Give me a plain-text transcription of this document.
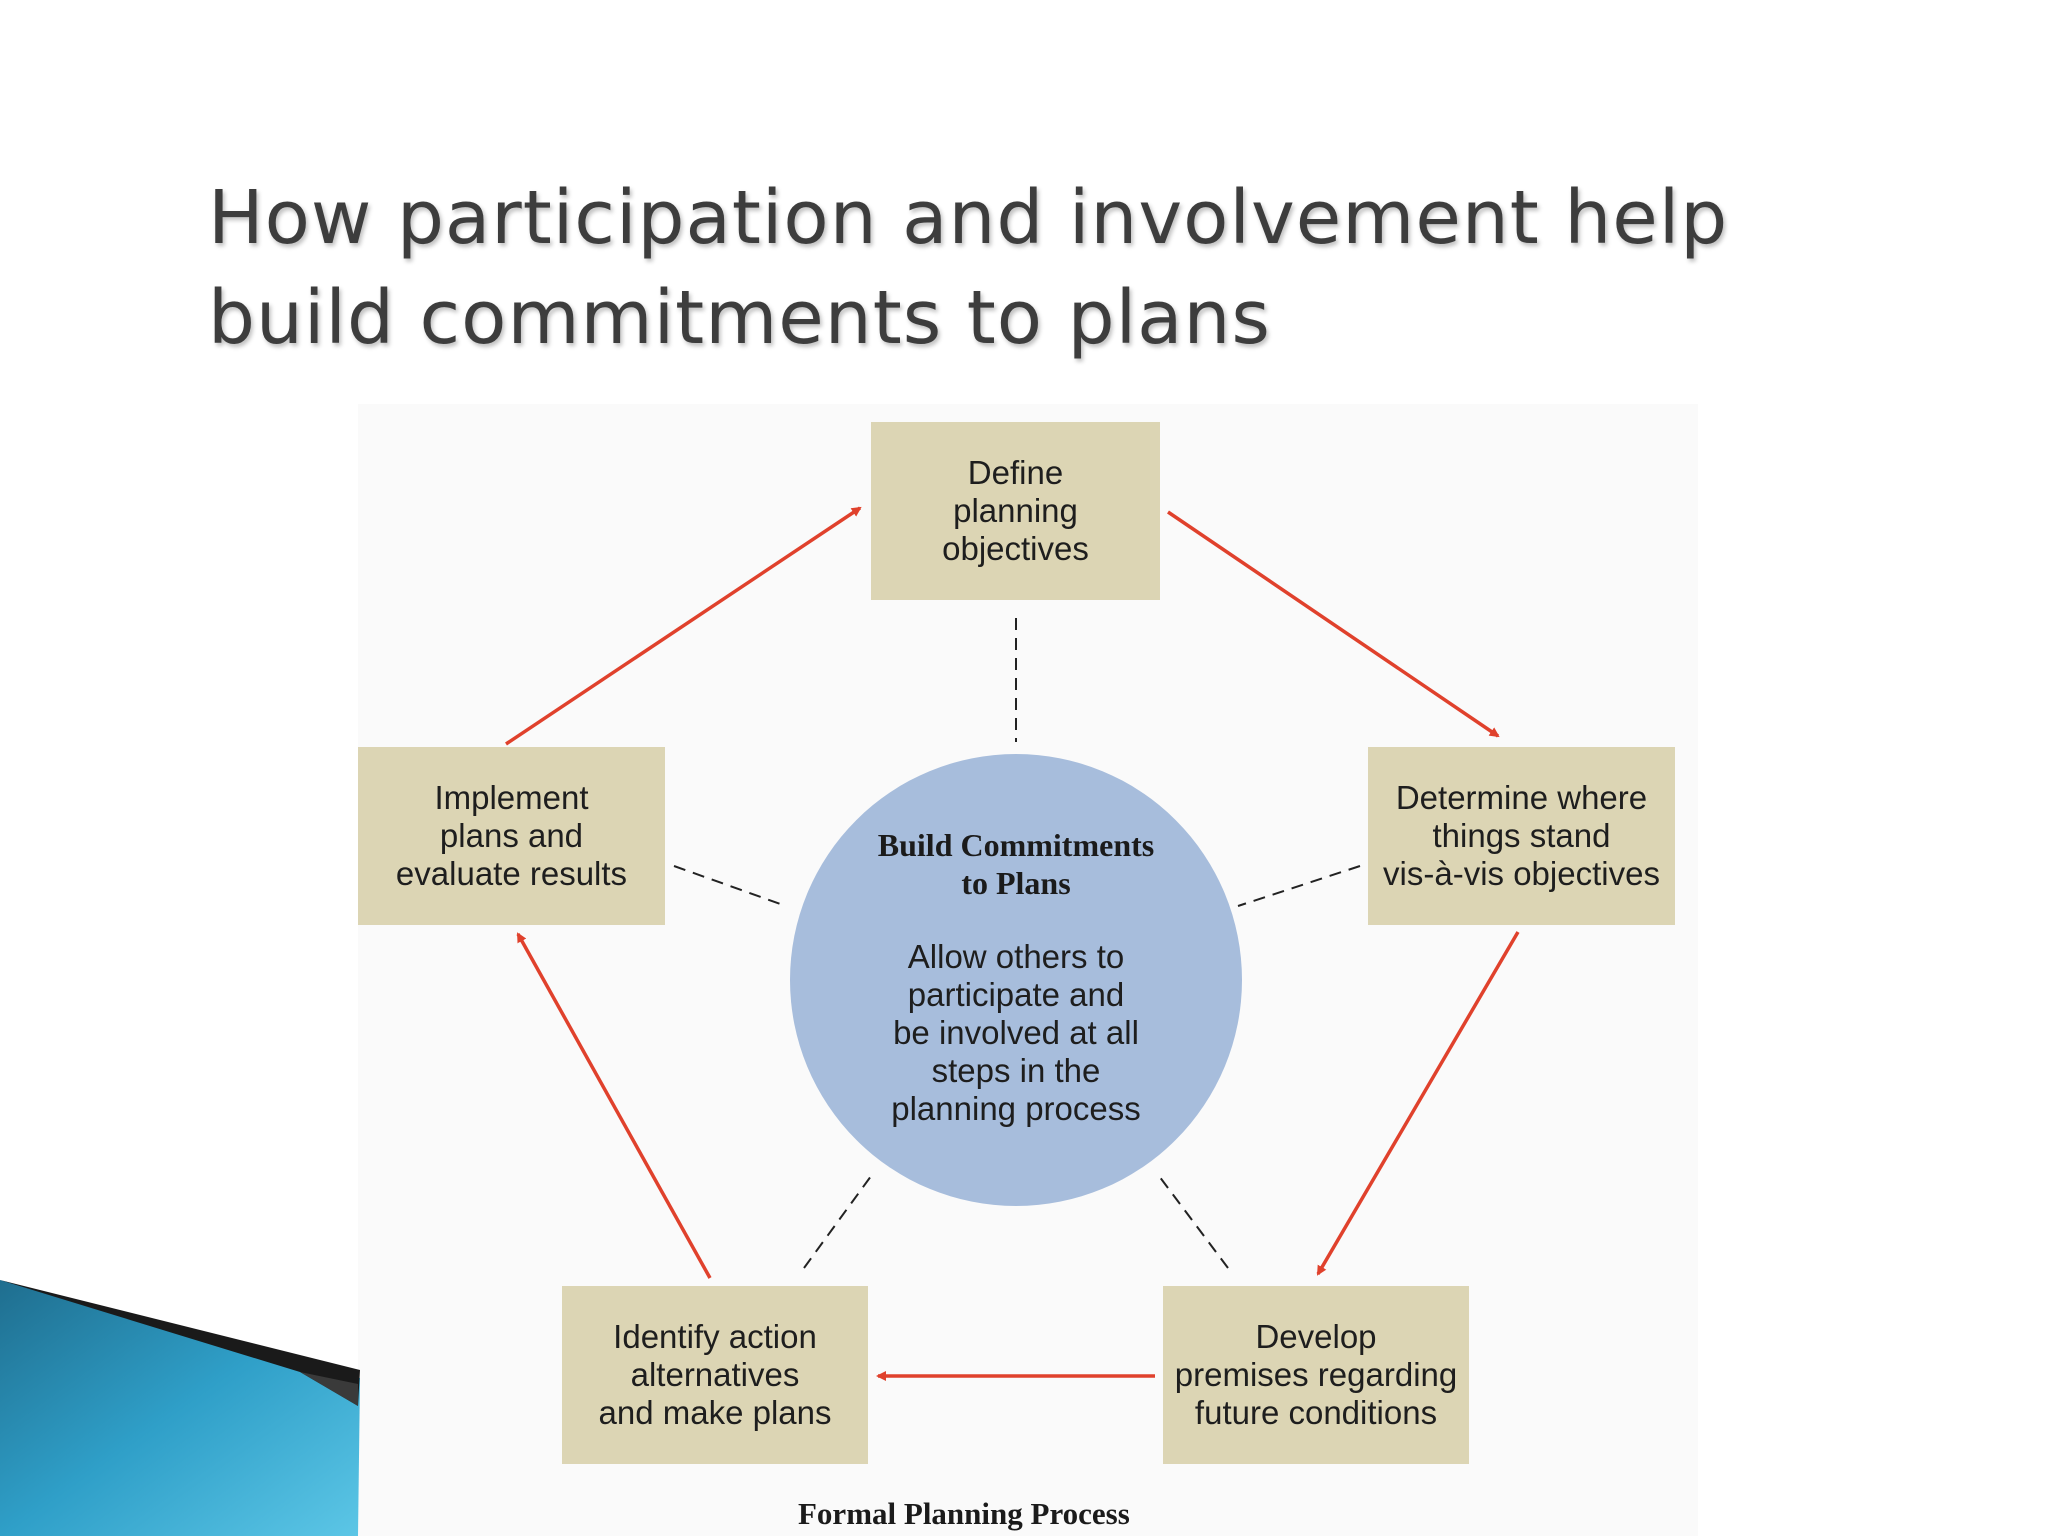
How participation and involvement help
build commitments to plans
Define
planning
objectives
Determine where
things stand
vis-à-vis objectives
Develop
premises regarding
future conditions
Identify action
alternatives
and make plans
Implement
plans and
evaluate results
Build Commitments
to Plans
Allow others to
participate and
be involved at all
steps in the
planning process
Formal Planning Process
